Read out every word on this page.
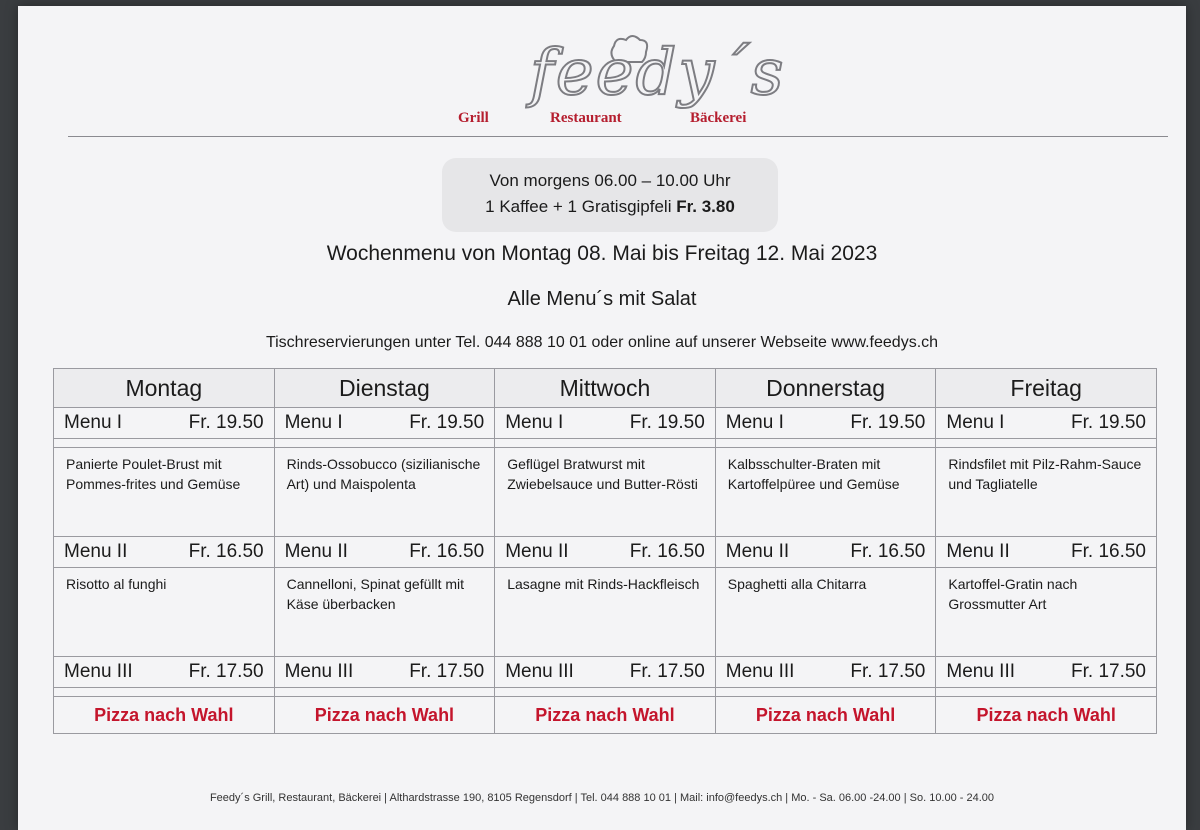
feedy´s
Grill	Restaurant	Bäckerei
Von morgens 06.00 – 10.00 Uhr
1 Kaffee + 1 Gratisgipfeli Fr. 3.80
Wochenmenu von Montag 08. Mai bis Freitag 12. Mai 2023
Alle Menu´s mit Salat
Tischreservierungen unter Tel. 044 888 10 01 oder online auf unserer Webseite www.feedys.ch
Montag	Dienstag	Mittwoch	Donnerstag	Freitag

Menu I Fr. 19.50	Menu I Fr. 19.50	Menu I Fr. 19.50	Menu I Fr. 19.50	Menu I Fr. 19.50

Panierte Poulet-Brust mit Pommes-frites und Gemüse	Rinds-Ossobucco (sizilianische Art) und Maispolenta	Geflügel Bratwurst mit Zwiebelsauce und Butter-Rösti	Kalbsschulter-Braten mit Kartoffelpüree und Gemüse	Rindsfilet mit Pilz-Rahm-Sauce und Tagliatelle

Menu II Fr. 16.50	Menu II Fr. 16.50	Menu II Fr. 16.50	Menu II Fr. 16.50	Menu II Fr. 16.50

Risotto al funghi	Cannelloni, Spinat gefüllt mit Käse überbacken	Lasagne mit Rinds-Hackfleisch	Spaghetti alla Chitarra	Kartoffel-Gratin nach Grossmutter Art

Menu III Fr. 17.50	Menu III Fr. 17.50	Menu III Fr. 17.50	Menu III Fr. 17.50	Menu III Fr. 17.50

Pizza nach Wahl	Pizza nach Wahl	Pizza nach Wahl	Pizza nach Wahl	Pizza nach Wahl
Feedy´s Grill, Restaurant, Bäckerei | Althardstrasse 190, 8105 Regensdorf | Tel. 044 888 10 01 | Mail: info@feedys.ch | Mo. - Sa. 06.00 -24.00 | So. 10.00 - 24.00
